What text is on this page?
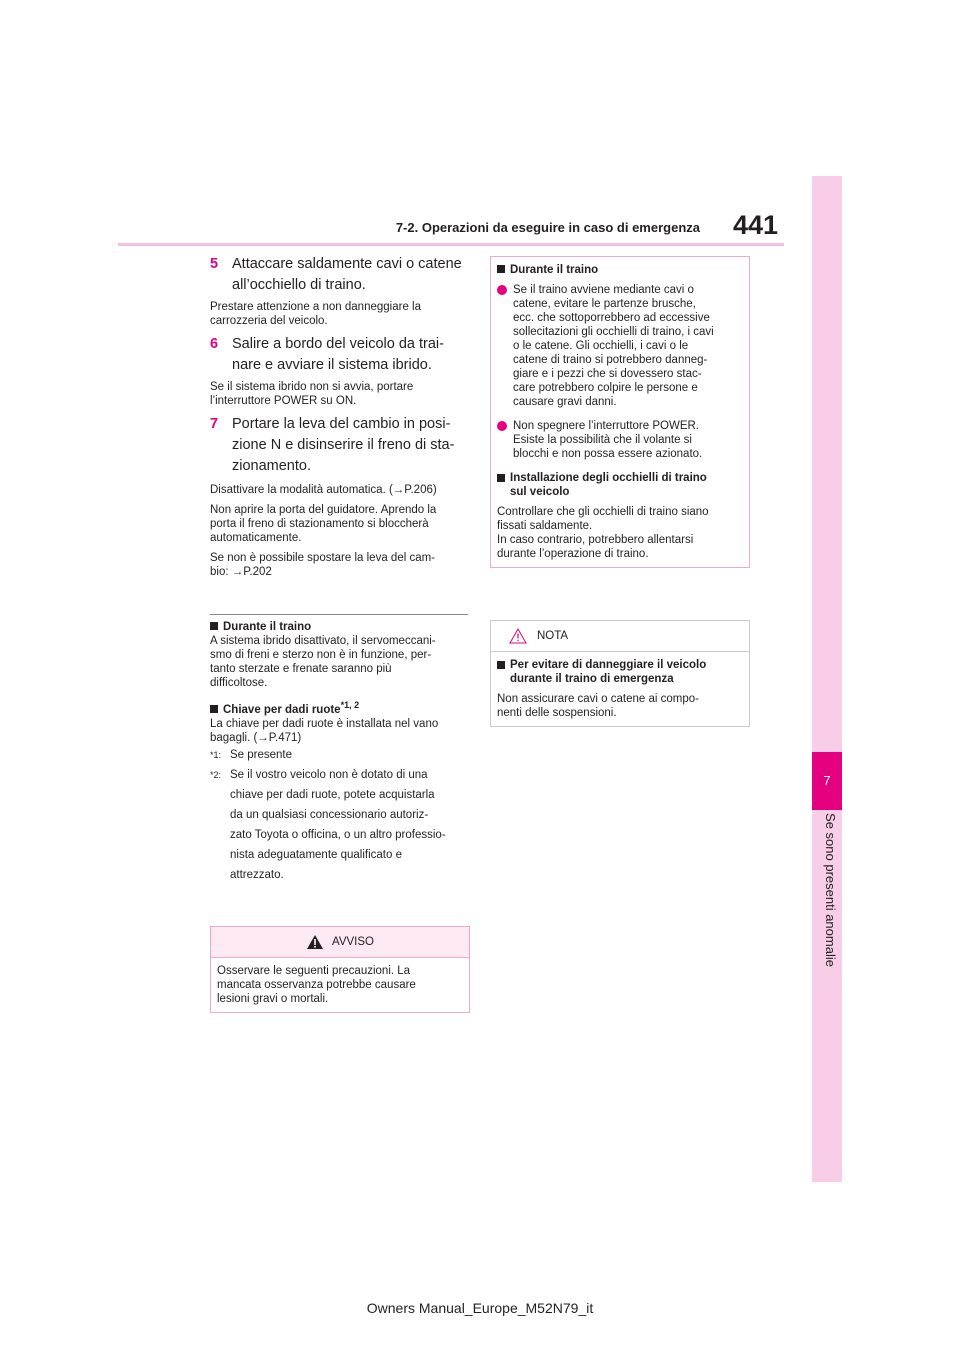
7-2. Operazioni da eseguire in caso di emergenza	441
7
Se sono presenti anomalie
5 Attaccare saldamente cavi o catene
all’occhiello di traino.

Prestare attenzione a non danneggiare la
carrozzeria del veicolo.

6 Salire a bordo del veicolo da trai-
nare e avviare il sistema ibrido.

Se il sistema ibrido non si avvia, portare
l’interruttore POWER su ON.

7 Portare la leva del cambio in posi-
zione N e disinserire il freno di sta-
zionamento.

Disattivare la modalità automatica. (→P.206)

Non aprire la porta del guidatore. Aprendo la
porta il freno di stazionamento si bloccherà
automaticamente.

Se non è possibile spostare la leva del cam-
bio: →P.202

Durante il traino

A sistema ibrido disattivato, il servomeccani-
smo di freni e sterzo non è in funzione, per-
tanto sterzate e frenate saranno più
difficoltose.

Chiave per dadi ruote$^{*1, 2}$

La chiave per dadi ruote è installata nel vano
bagagli. (→P.471)

*1: Se presente
*2: Se il vostro veicolo non è dotato di una
chiave per dadi ruote, potete acquistarla
da un qualsiasi concessionario autoriz-
zato Toyota o officina, o un altro professio-
nista adeguatamente qualificato e
attrezzato.
AVVISO
Osservare le seguenti precauzioni. La
mancata osservanza potrebbe causare
lesioni gravi o mortali.
Durante il traino
Se il traino avviene mediante cavi o
catene, evitare le partenze brusche,
ecc. che sottoporrebbero ad eccessive
sollecitazioni gli occhielli di traino, i cavi
o le catene. Gli occhielli, i cavi o le
catene di traino si potrebbero danneg-
giare e i pezzi che si dovessero stac-
care potrebbero colpire le persone e
causare gravi danni.
Non spegnere l’interruttore POWER.
Esiste la possibilità che il volante si
blocchi e non possa essere azionato.
Installazione degli occhielli di traino
sul veicolo
Controllare che gli occhielli di traino siano
fissati saldamente.
In caso contrario, potrebbero allentarsi
durante l’operazione di traino.
NOTA
Per evitare di danneggiare il veicolo
durante il traino di emergenza
Non assicurare cavi o catene ai compo-
nenti delle sospensioni.
Owners Manual_Europe_M52N79_it
